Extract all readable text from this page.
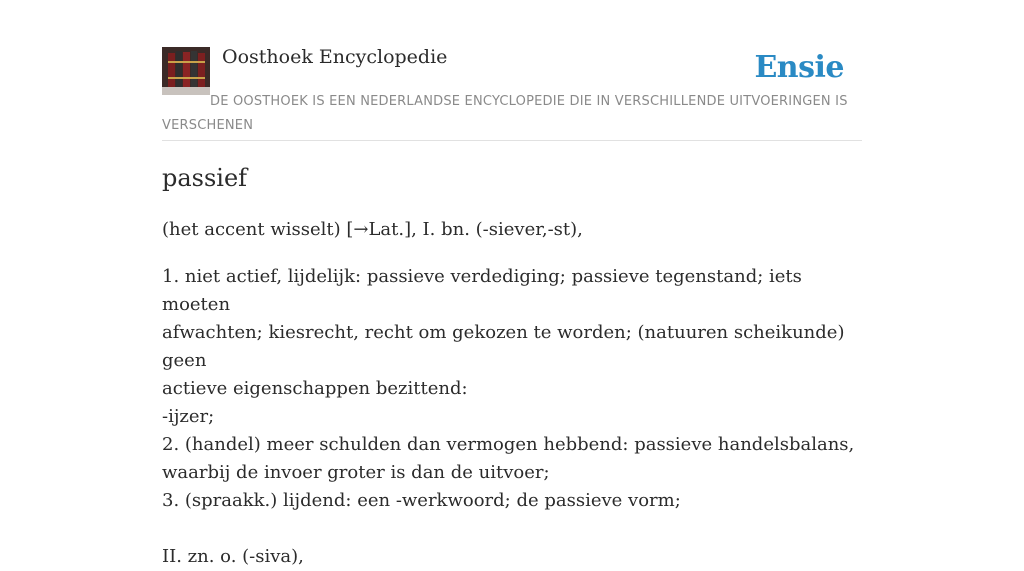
Oosthoek Encyclopedie	Ensie
DE OOSTHOEK IS EEN NEDERLANDSE ENCYCLOPEDIE DIE IN VERSCHILLENDE UITVOERINGEN IS VERSCHENEN
passief
(het accent wisselt) [→Lat.], I. bn. (-siever,-st),
1. niet actief, lijdelijk: passieve verdediging; passieve tegenstand; iets moeten
afwachten; kiesrecht, recht om gekozen te worden; (natuuren scheikunde) geen
actieve eigenschappen bezittend:
-ijzer;
2. (handel) meer schulden dan vermogen hebbend: passieve handelsbalans,
waarbij de invoer groter is dan de uitvoer;
3. (spraakk.) lijdend: een -werkwoord; de passieve vorm;
II. zn. o. (-siva),
